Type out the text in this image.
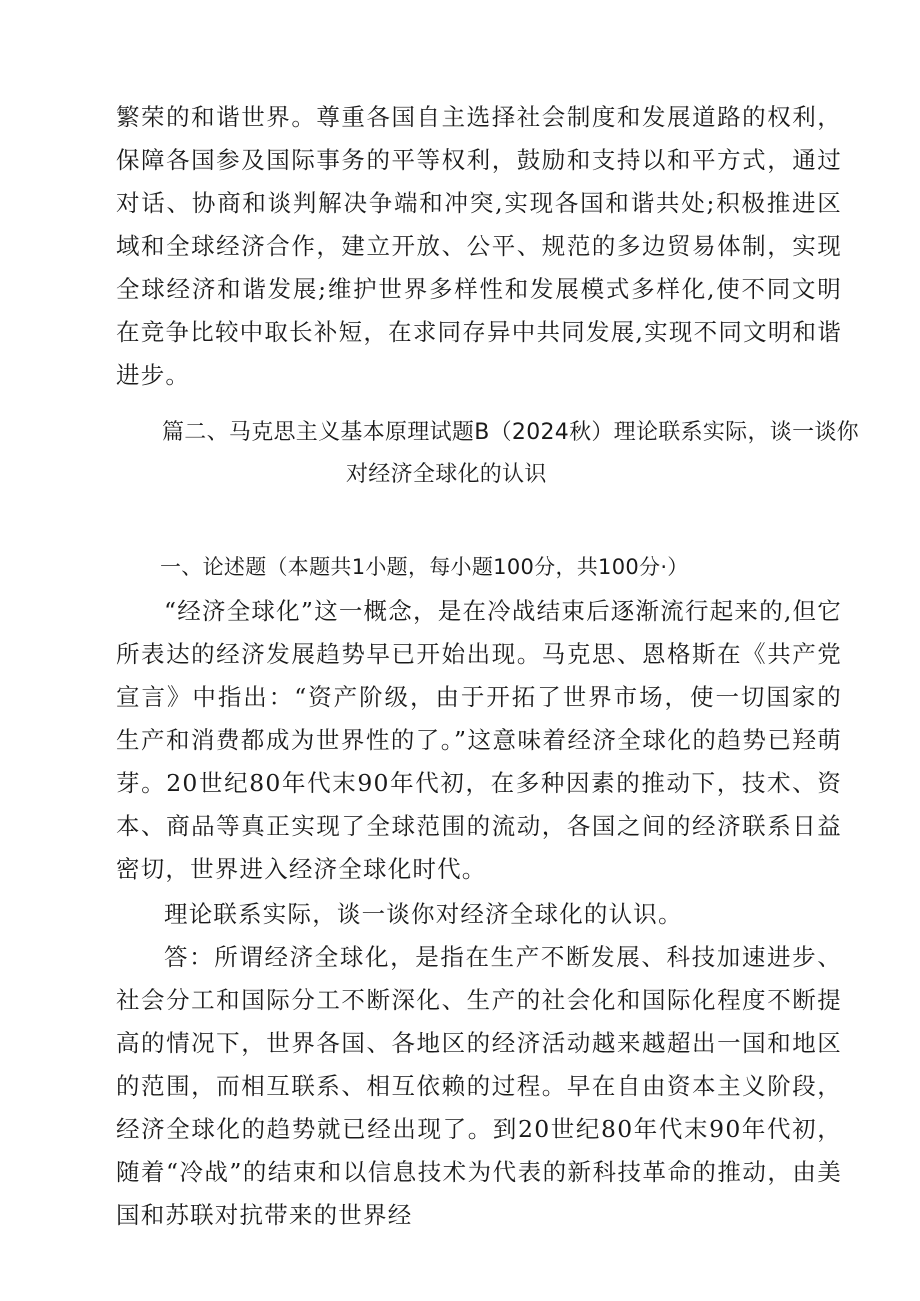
繁荣的和谐世界。尊重各国自主选择社会制度和发展道路的权利，保障各国参及国际事务的平等权利，鼓励和支持以和平方式，通过对话、协商和谈判解决争端和冲突,实现各国和谐共处;积极推进区域和全球经济合作，建立开放、公平、规范的多边贸易体制，实现全球经济和谐发展;维护世界多样性和发展模式多样化,使不同文明在竞争比较中取长补短，在求同存异中共同发展,实现不同文明和谐进步。

篇二、马克思主义基本原理试题B（2024秋）理论联系实际，谈一谈你
对经济全球化的认识

一、论述题（本题共1小题，每小题100分，共100分·）

“经济全球化”这一概念，是在冷战结束后逐渐流行起来的,但它所表达的经济发展趋势早已开始出现。马克思、恩格斯在《共产党宣言》中指出：“资产阶级，由于开拓了世界市场，使一切国家的生产和消费都成为世界性的了。”这意味着经济全球化的趋势已羟萌芽。20世纪80年代末90年代初，在多种因素的推动下，技术、资本、商品等真正实现了全球范围的流动，各国之间的经济联系日益密切，世界进入经济全球化时代。

理论联系实际，谈一谈你对经济全球化的认识。

答：所谓经济全球化，是指在生产不断发展、科技加速进步、社会分工和国际分工不断深化、生产的社会化和国际化程度不断提高的情况下，世界各国、各地区的经济活动越来越超出一国和地区的范围，而相互联系、相互依赖的过程。早在自由资本主义阶段，经济全球化的趋势就已经出现了。到20世纪80年代末90年代初，随着“冷战”的结束和以信息技术为代表的新科技革命的推动，由美国和苏联对抗带来的世界经
